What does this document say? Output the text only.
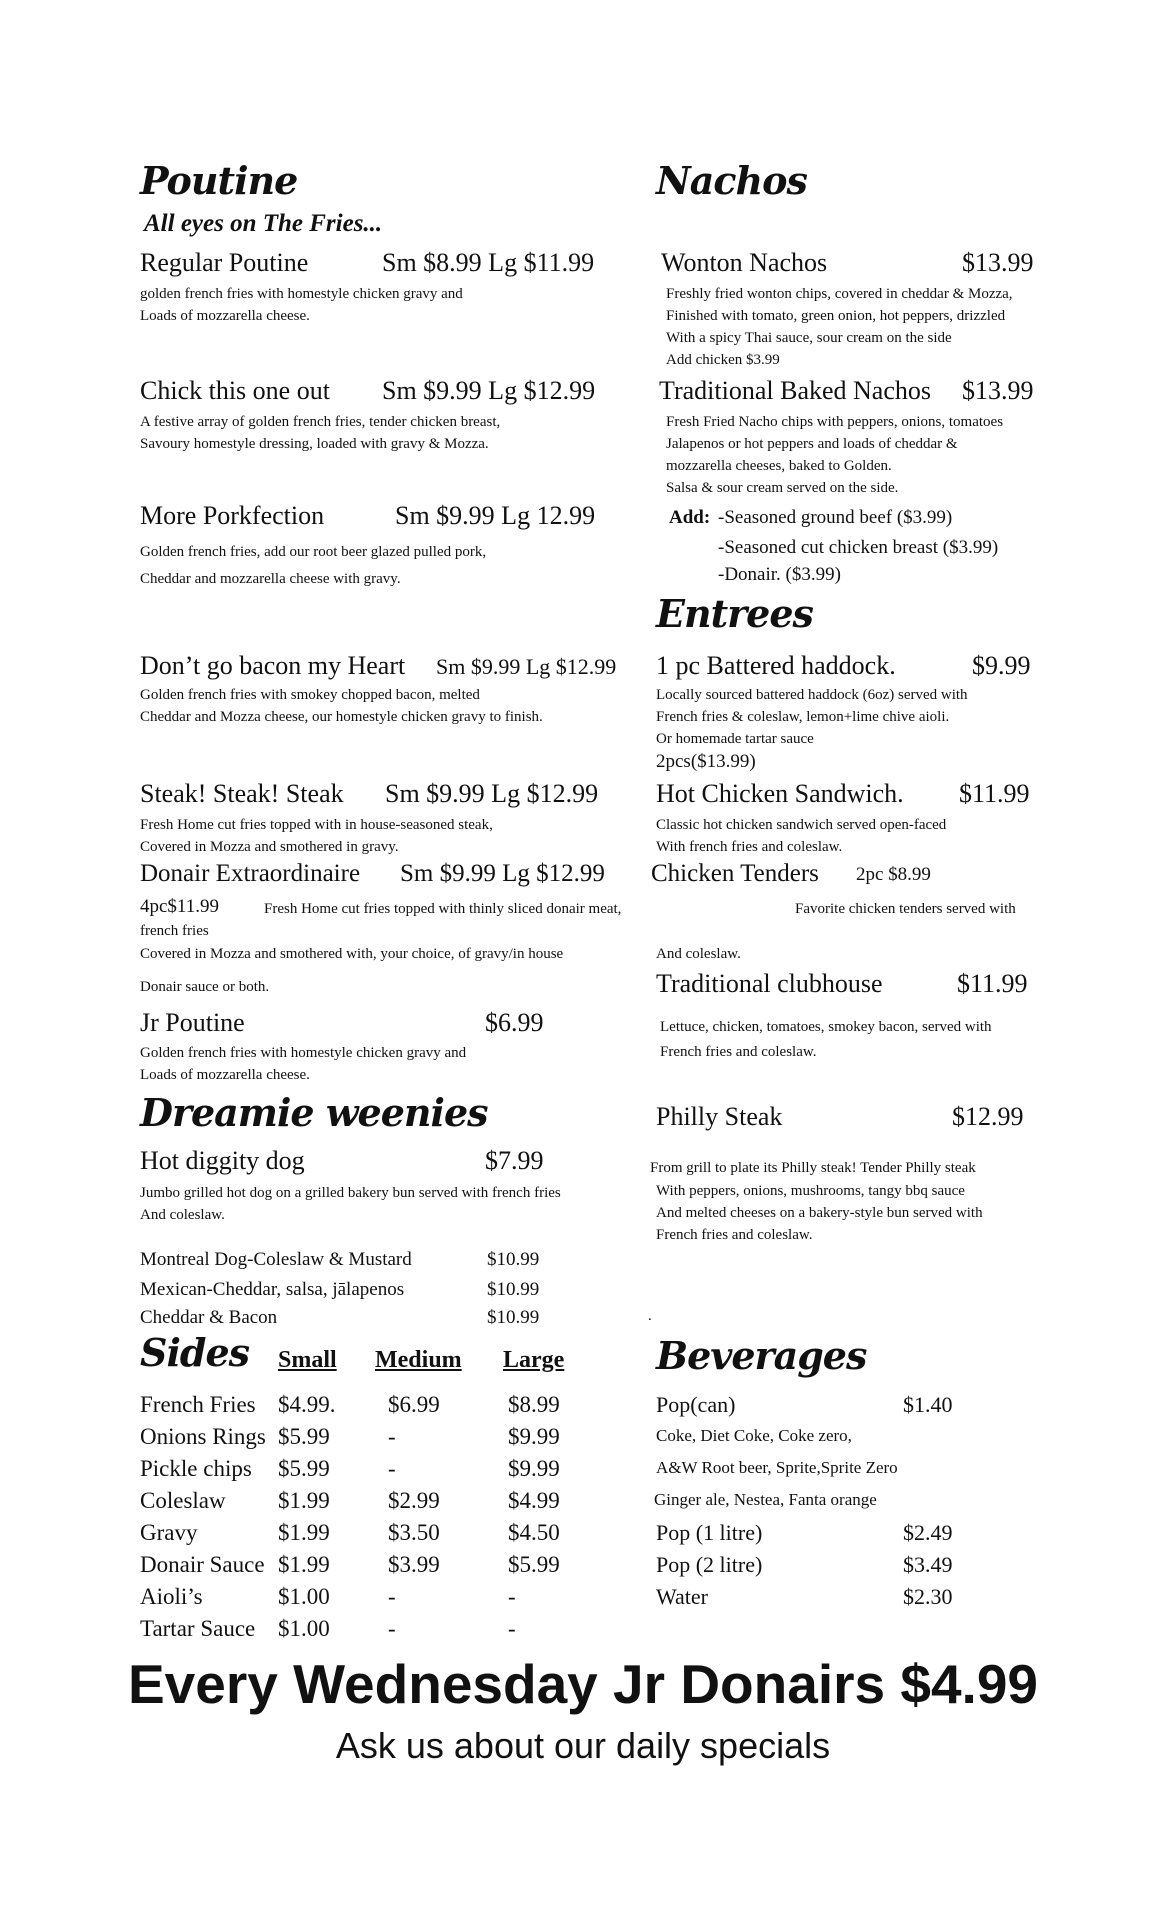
Poutine
All eyes on The Fries...
Regular Poutine	Sm $8.99 Lg $11.99
golden french fries with homestyle chicken gravy and
Loads of mozzarella cheese.
Chick this one out Sm $9.99 Lg $12.99
A festive array of golden french fries, tender chicken breast,
Savoury homestyle dressing, loaded with gravy & Mozza.
More Porkfection	Sm $9.99 Lg 12.99
Golden french fries, add our root beer glazed pulled pork,
Cheddar and mozzarella cheese with gravy.
Don’t go bacon my Heart Sm $9.99 Lg $12.99
Golden french fries with smokey chopped bacon, melted
Cheddar and Mozza cheese, our homestyle chicken gravy to finish.
Steak! Steak! Steak Sm $9.99 Lg $12.99
Fresh Home cut fries topped with in house-seasoned steak,
Covered in Mozza and smothered in gravy.
Donair Extraordinaire Sm $9.99 Lg $12.99
Fresh Home cut fries topped with thinly sliced donair meat,
french fries
Covered in Mozza and smothered with, your choice, of gravy/in house
Donair sauce or both.
Jr Poutine	$6.99
Golden french fries with homestyle chicken gravy and
Loads of mozzarella cheese.
Nachos
Wonton Nachos	$13.99
Freshly fried wonton chips, covered in cheddar & Mozza,
Finished with tomato, green onion, hot peppers, drizzled
With a spicy Thai sauce, sour cream on the side
Add chicken $3.99
Traditional Baked Nachos $13.99
Fresh Fried Nacho chips with peppers, onions, tomatoes
Jalapenos or hot peppers and loads of cheddar &
mozzarella cheeses, baked to Golden.
Salsa & sour cream served on the side.
Add: -Seasoned ground beef ($3.99)
-Seasoned cut chicken breast ($3.99)
-Donair. ($3.99)
Entrees
1 pc Battered haddock.	$9.99
Locally sourced battered haddock (6oz) served with
French fries & coleslaw, lemon+lime chive aioli.
Or homemade tartar sauce
2pcs($13.99)
Hot Chicken Sandwich. $11.99
Classic hot chicken sandwich served open-faced
With french fries and coleslaw.
Chicken Tenders 2pc $8.99
4pc$11.99	Favorite chicken tenders served with
And coleslaw.
Traditional clubhouse	$11.99
Lettuce, chicken, tomatoes, smokey bacon, served with
French fries and coleslaw.
Philly Steak	$12.99
From grill to plate its Philly steak! Tender Philly steak
With peppers, onions, mushrooms, tangy bbq sauce
And melted cheeses on a bakery-style bun served with
French fries and coleslaw.
Dreamie weenies
Hot diggity dog	$7.99
Jumbo grilled hot dog on a grilled bakery bun served with french fries
And coleslaw.
Montreal Dog-Coleslaw & Mustard	$10.99
Mexican-Cheddar, salsa, jālapenos	$10.99
Cheddar & Bacon	$10.99	.
Sides Small Medium Large
French Fries $4.99. $6.99	$8.99
Onions Rings $5.99	-	$9.99
Pickle chips $5.99	-	$9.99
Coleslaw $1.99	$2.99	$4.99
Gravy	$1.99	$3.50	$4.50
Donair Sauce $1.99	$3.99	$5.99
Aioli’s	$1.00	-	-
Tartar Sauce $1.00	-	-
Beverages
Pop(can)	$1.40
Coke, Diet Coke, Coke zero,
A&W Root beer, Sprite,Sprite Zero
Ginger ale, Nestea, Fanta orange
Pop (1 litre)	$2.49
Pop (2 litre)	$3.49
Water	$2.30
Every Wednesday Jr Donairs $4.99
Ask us about our daily specials
